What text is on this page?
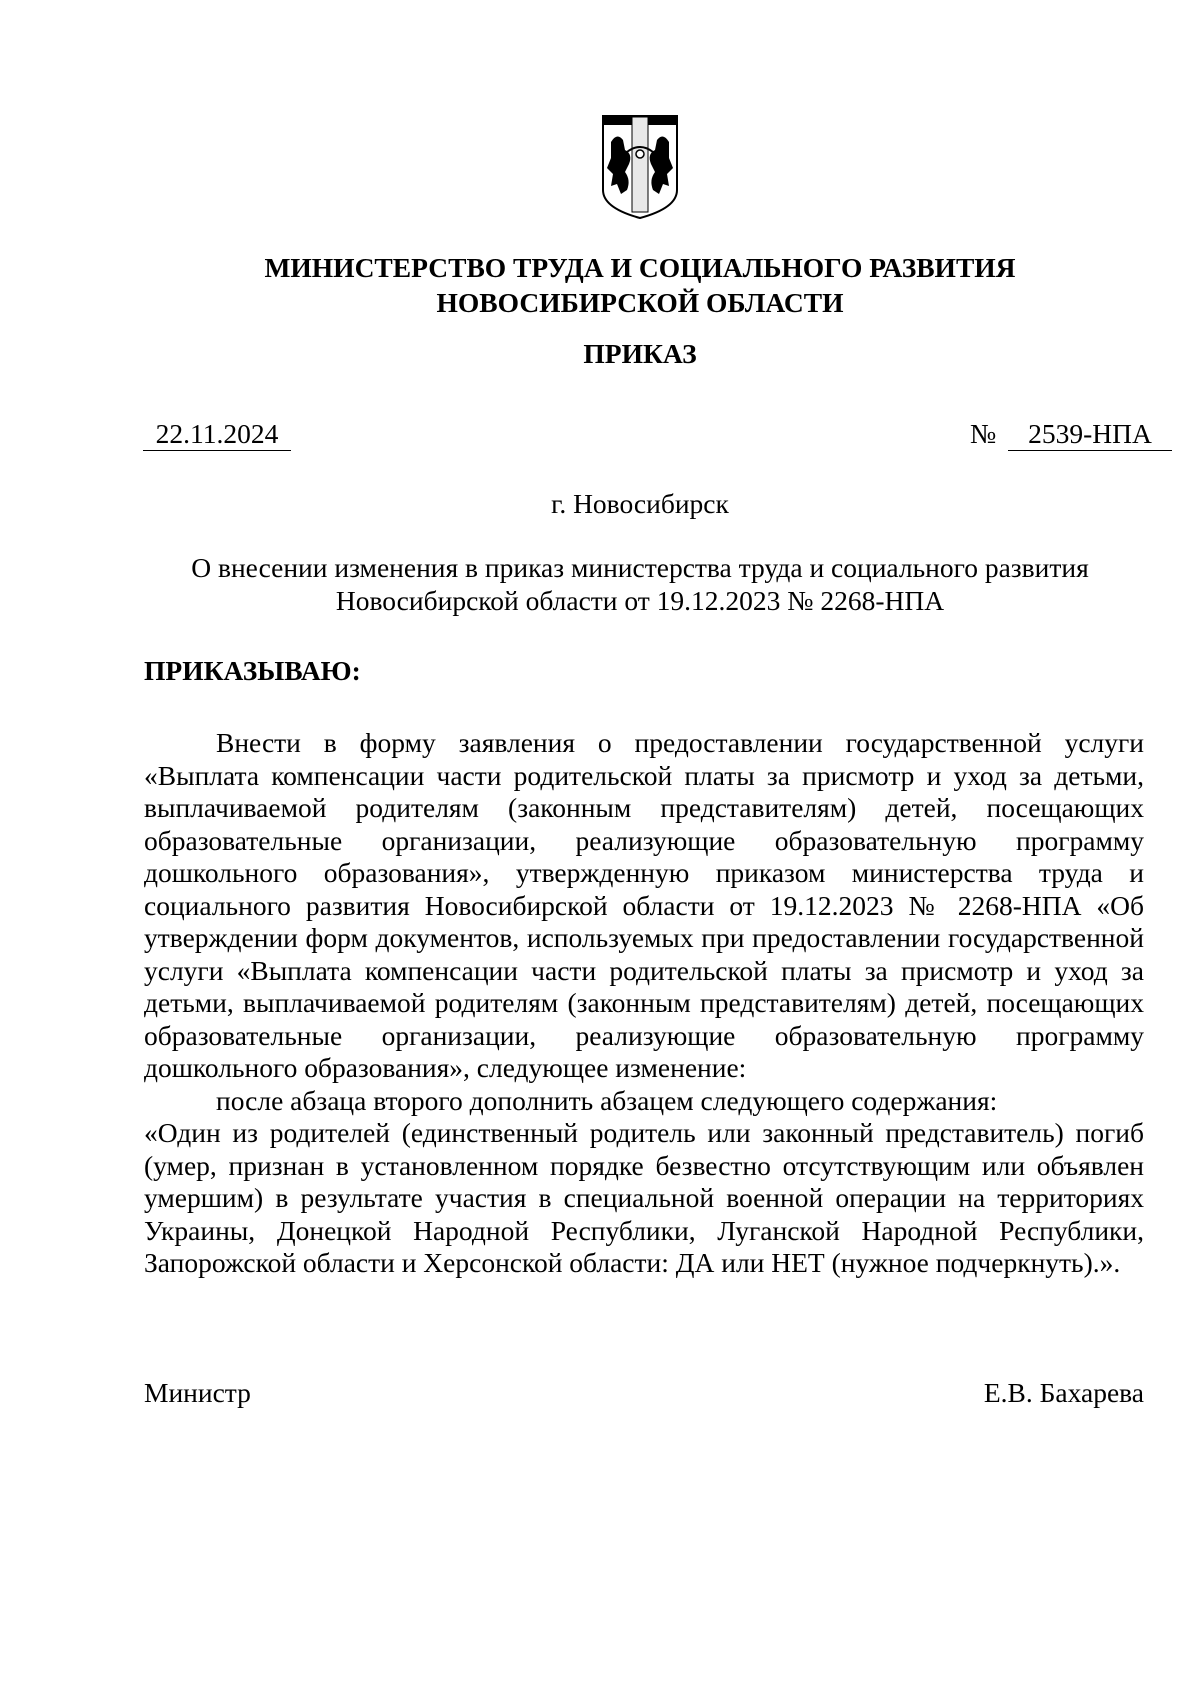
МИНИСТЕРСТВО ТРУДА И СОЦИАЛЬНОГО РАЗВИТИЯ
НОВОСИБИРСКОЙ ОБЛАСТИ
ПРИКАЗ
22.11.2024	№	2539-НПА
г. Новосибирск
О внесении изменения в приказ министерства труда и социального развития
Новосибирской области от 19.12.2023 № 2268-НПА
ПРИКАЗЫВАЮ:

Внести в форму заявления о предоставлении государственной услуги «Выплата компенсации части родительской платы за присмотр и уход за детьми, выплачиваемой родителям (законным представителям) детей, посещающих образовательные организации, реализующие образовательную программу дошкольного образования», утвержденную приказом министерства труда и социального развития Новосибирской области от 19.12.2023 № 2268-НПА «Об утверждении форм документов, используемых при предоставлении государственной услуги «Выплата компенсации части родительской платы за присмотр и уход за детьми, выплачиваемой родителям (законным представителям) детей, посещающих образовательные организации, реализующие образовательную программу дошкольного образования», следующее изменение:

после абзаца второго дополнить абзацем следующего содержания:

«Один из родителей (единственный родитель или законный представитель) погиб (умер, признан в установленном порядке безвестно отсутствующим или объявлен умершим) в результате участия в специальной военной операции на территориях Украины, Донецкой Народной Республики, Луганской Народной Республики, Запорожской области и Херсонской области: ДА или НЕТ (нужное подчеркнуть).».

Министр	Е.В. Бахарева
